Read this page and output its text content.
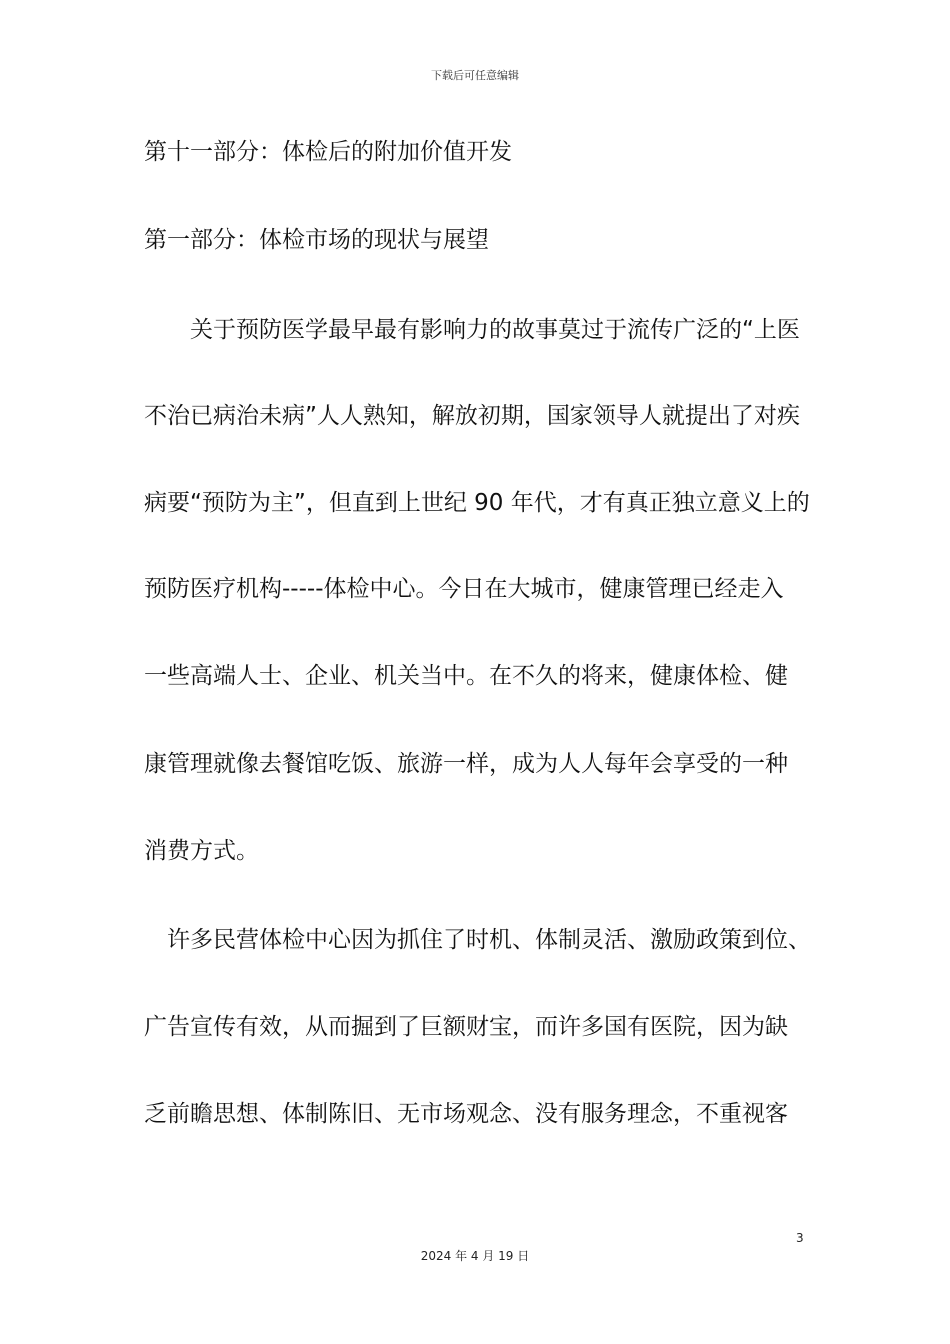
下载后可任意编辑
第十一部分：体检后的附加价值开发
第一部分：体检市场的现状与展望
　　关于预防医学最早最有影响力的故事莫过于流传广泛的“上医
不治已病治未病”人人熟知，解放初期，国家领导人就提出了对疾
病要“预防为主”，但直到上世纪 90 年代，才有真正独立意义上的
预防医疗机构-----体检中心。今日在大城市，健康管理已经走入
一些高端人士、企业、机关当中。在不久的将来，健康体检、健
康管理就像去餐馆吃饭、旅游一样，成为人人每年会享受的一种
消费方式。
　许多民营体检中心因为抓住了时机、体制灵活、激励政策到位、
广告宣传有效，从而掘到了巨额财宝，而许多国有医院，因为缺
乏前瞻思想、体制陈旧、无市场观念、没有服务理念，不重视客
3
2024 年 4 月 19 日
